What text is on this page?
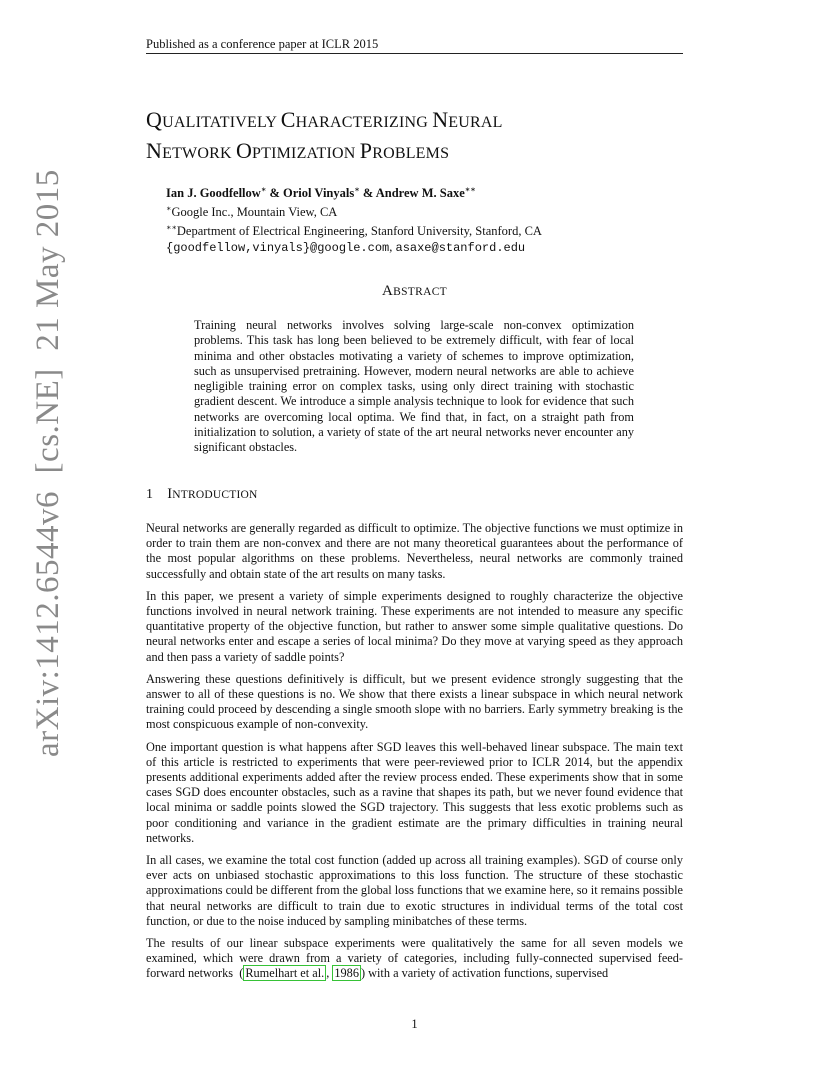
Published as a conference paper at ICLR 2015
QUALITATIVELY CHARACTERIZING NEURAL
NETWORK OPTIMIZATION PROBLEMS
Ian J. Goodfellow∗ & Oriol Vinyals∗ & Andrew M. Saxe∗∗
∗Google Inc., Mountain View, CA
∗∗Department of Electrical Engineering, Stanford University, Stanford, CA
{goodfellow,vinyals}@google.com, asaxe@stanford.edu
ABSTRACT
Training neural networks involves solving large-scale non-convex optimization problems. This task has long been believed to be extremely difficult, with fear of local minima and other obstacles motivating a variety of schemes to improve optimization, such as unsupervised pretraining. However, modern neural networks are able to achieve negligible training error on complex tasks, using only direct training with stochastic gradient descent. We introduce a simple analysis technique to look for evidence that such networks are overcoming local optima. We find that, in fact, on a straight path from initialization to solution, a variety of state of the art neural networks never encounter any significant obstacles.
1 INTRODUCTION

Neural networks are generally regarded as difficult to optimize. The objective functions we must optimize in order to train them are non-convex and there are not many theoretical guarantees about the performance of the most popular algorithms on these problems. Nevertheless, neural networks are commonly trained successfully and obtain state of the art results on many tasks.

In this paper, we present a variety of simple experiments designed to roughly characterize the objective functions involved in neural network training. These experiments are not intended to measure any specific quantitative property of the objective function, but rather to answer some simple qualitative questions. Do neural networks enter and escape a series of local minima? Do they move at varying speed as they approach and then pass a variety of saddle points?

Answering these questions definitively is difficult, but we present evidence strongly suggesting that the answer to all of these questions is no. We show that there exists a linear subspace in which neural network training could proceed by descending a single smooth slope with no barriers. Early symmetry breaking is the most conspicuous example of non-convexity.

One important question is what happens after SGD leaves this well-behaved linear subspace. The main text of this article is restricted to experiments that were peer-reviewed prior to ICLR 2014, but the appendix presents additional experiments added after the review process ended. These experiments show that in some cases SGD does encounter obstacles, such as a ravine that shapes its path, but we never found evidence that local minima or saddle points slowed the SGD trajectory. This suggests that less exotic problems such as poor conditioning and variance in the gradient estimate are the primary difficulties in training neural networks.

In all cases, we examine the total cost function (added up across all training examples). SGD of course only ever acts on unbiased stochastic approximations to this loss function. The structure of these stochastic approximations could be different from the global loss functions that we examine here, so it remains possible that neural networks are difficult to train due to exotic structures in individual terms of the total cost function, or due to the noise induced by sampling minibatches of these terms.

The results of our linear subspace experiments were qualitatively the same for all seven models we examined, which were drawn from a variety of categories, including fully-connected supervised feed-forward networks  ( Rumelhart et al. , 1986 ) with a variety of activation functions, supervised

1
arXiv:1412.6544v6  [cs.NE]  21 May 2015
